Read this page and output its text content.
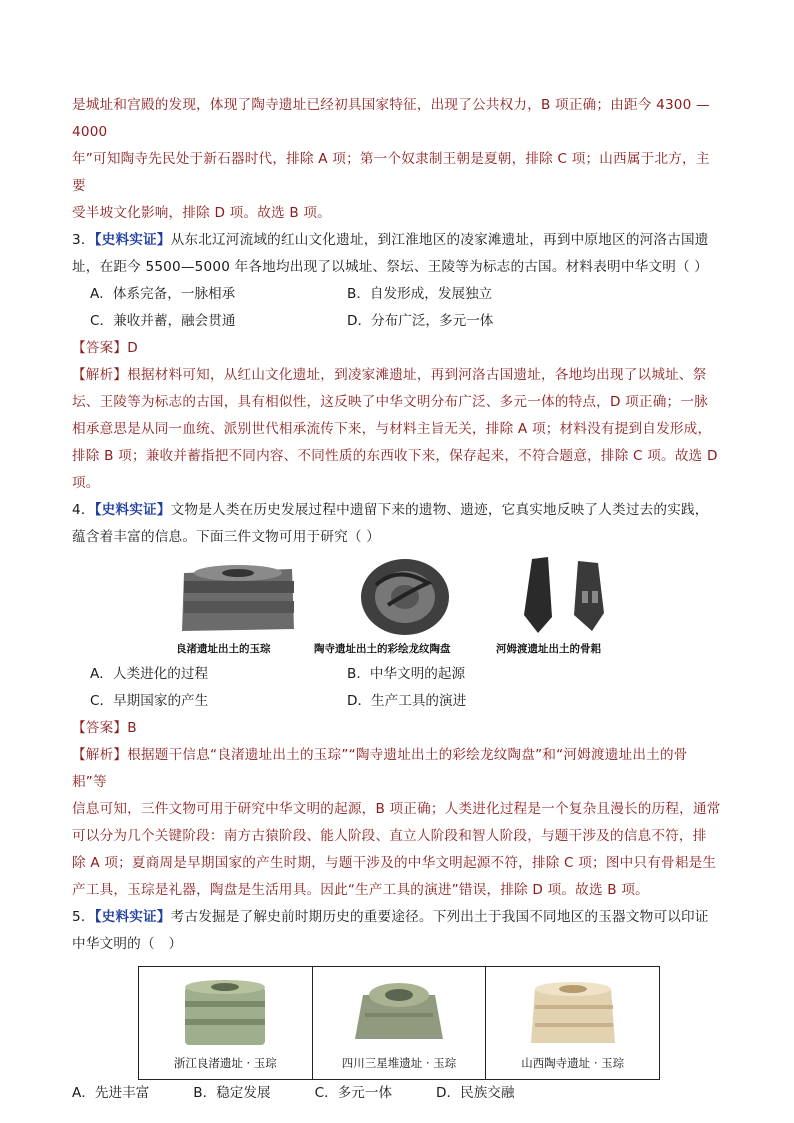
是城址和宫殿的发现，体现了陶寺遗址已经初具国家特征，出现了公共权力，B 项正确；由距今 4300 — 4000

年”可知陶寺先民处于新石器时代，排除 A 项；第一个奴隶制王朝是夏朝，排除 C 项；山西属于北方，主要

受半坡文化影响，排除 D 项。故选 B 项。

3．【史料实证】从东北辽河流域的红山文化遗址，到江淮地区的凌家滩遗址，再到中原地区的河洛古国遗

址，在距今 5500—5000 年各地均出现了以城址、祭坛、王陵等为标志的古国。材料表明中华文明（ ）

A．体系完备，一脉相承	B．自发形成，发展独立
C．兼收并蓄，融会贯通	D．分布广泛，多元一体

【答案】D

【解析】根据材料可知，从红山文化遗址，到凌家滩遗址，再到河洛古国遗址，各地均出现了以城址、祭

坛、王陵等为标志的古国，具有相似性，这反映了中华文明分布广泛、多元一体的特点，D 项正确；一脉

相承意思是从同一血统、派别世代相承流传下来，与材料主旨无关，排除 A 项；材料没有提到自发形成，

排除 B 项；兼收并蓄指把不同内容、不同性质的东西收下来，保存起来，不符合题意，排除 C 项。故选 D

项。

4．【史料实证】文物是人类在历史发展过程中遗留下来的遗物、遗迹，它真实地反映了人类过去的实践，

蕴含着丰富的信息。下面三件文物可用于研究（ ）

良渚遗址出土的玉琮	陶寺遗址出土的彩绘龙纹陶盘	河姆渡遗址出土的骨耜
A．人类进化的过程	B．中华文明的起源
C．早期国家的产生	D．生产工具的演进

【答案】B

【解析】根据题干信息“良渚遗址出土的玉琮”“陶寺遗址出土的彩绘龙纹陶盘”和“河姆渡遗址出土的骨耜”等

信息可知，三件文物可用于研究中华文明的起源，B 项正确；人类进化过程是一个复杂且漫长的历程，通常

可以分为几个关键阶段：南方古猿阶段、能人阶段、直立人阶段和智人阶段，与题干涉及的信息不符，排

除 A 项；夏商周是早期国家的产生时期，与题干涉及的中华文明起源不符，排除 C 项；图中只有骨耜是生

产工具，玉琮是礼器，陶盘是生活用具。因此“生产工具的演进”错误，排除 D 项。故选 B 项。

5．【史料实证】考古发掘是了解史前时期历史的重要途径。下列出土于我国不同地区的玉器文物可以印证

中华文明的（　）

浙江良渚遗址 · 玉琮	四川三星堆遗址 · 玉琮	山西陶寺遗址 · 玉琮
A．先进丰富	B．稳定发展	C．多元一体	D．民族交融
